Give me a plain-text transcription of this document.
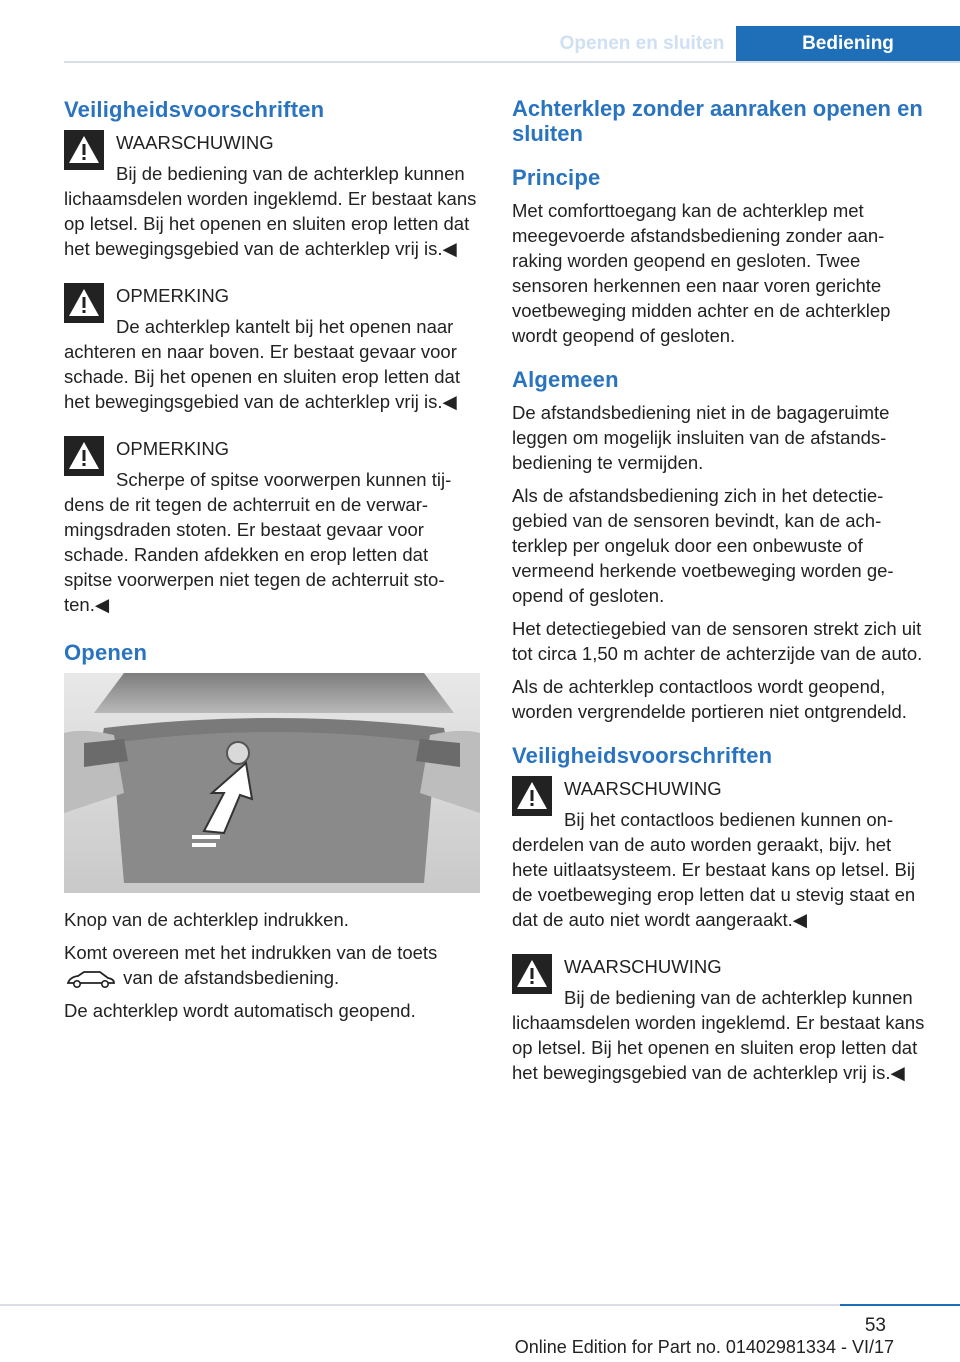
Openen en sluiten	Bediening
Veiligheidsvoorschriften
WAARSCHUWING
Bij de bediening van de achterklep kunnen lichaamsdelen worden ingeklemd. Er bestaat kans op letsel. Bij het openen en sluiten erop letten dat het bewegingsgebied van de achterklep vrij is.◀
OPMERKING
De achterklep kantelt bij het openen naar achteren en naar boven. Er bestaat gevaar voor schade. Bij het openen en sluiten erop letten dat het bewegingsgebied van de achterklep vrij is.◀
OPMERKING
Scherpe of spitse voorwerpen kunnen tijdens de rit tegen de achterruit en de verwarmingsdraden stoten. Er bestaat gevaar voor schade. Randen afdekken en erop letten dat spitse voorwerpen niet tegen de achterruit stoten.◀
Openen

Knop van de achterklep indrukken.

Komt overeen met het indrukken van de toets
van de afstandsbediening.

De achterklep wordt automatisch geopend.

Achterklep zonder aanraken openen en sluiten
Principe

Met comforttoegang kan de achterklep met meegevoerde afstandsbediening zonder aanraking worden geopend en gesloten. Twee sensoren herkennen een naar voren gerichte voetbeweging midden achter en de achterklep wordt geopend of gesloten.

Algemeen

De afstandsbediening niet in de bagageruimte leggen om mogelijk insluiten van de afstandsbediening te vermijden.

Als de afstandsbediening zich in het detectiegebied van de sensoren bevindt, kan de achterklep per ongeluk door een onbewuste of vermeend herkende voetbeweging worden geopend of gesloten.

Het detectiegebied van de sensoren strekt zich uit tot circa 1,50 m achter de achterzijde van de auto.

Als de achterklep contactloos wordt geopend, worden vergrendelde portieren niet ontgrendeld.

Veiligheidsvoorschriften
WAARSCHUWING
Bij het contactloos bedienen kunnen onderdelen van de auto worden geraakt, bijv. het hete uitlaatsysteem. Er bestaat kans op letsel. Bij de voetbeweging erop letten dat u stevig staat en dat de auto niet wordt aangeraakt.◀
WAARSCHUWING
Bij de bediening van de achterklep kunnen lichaamsdelen worden ingeklemd. Er bestaat kans op letsel. Bij het openen en sluiten erop letten dat het bewegingsgebied van de achterklep vrij is.◀
53
Online Edition for Part no. 01402981334 - VI/17
